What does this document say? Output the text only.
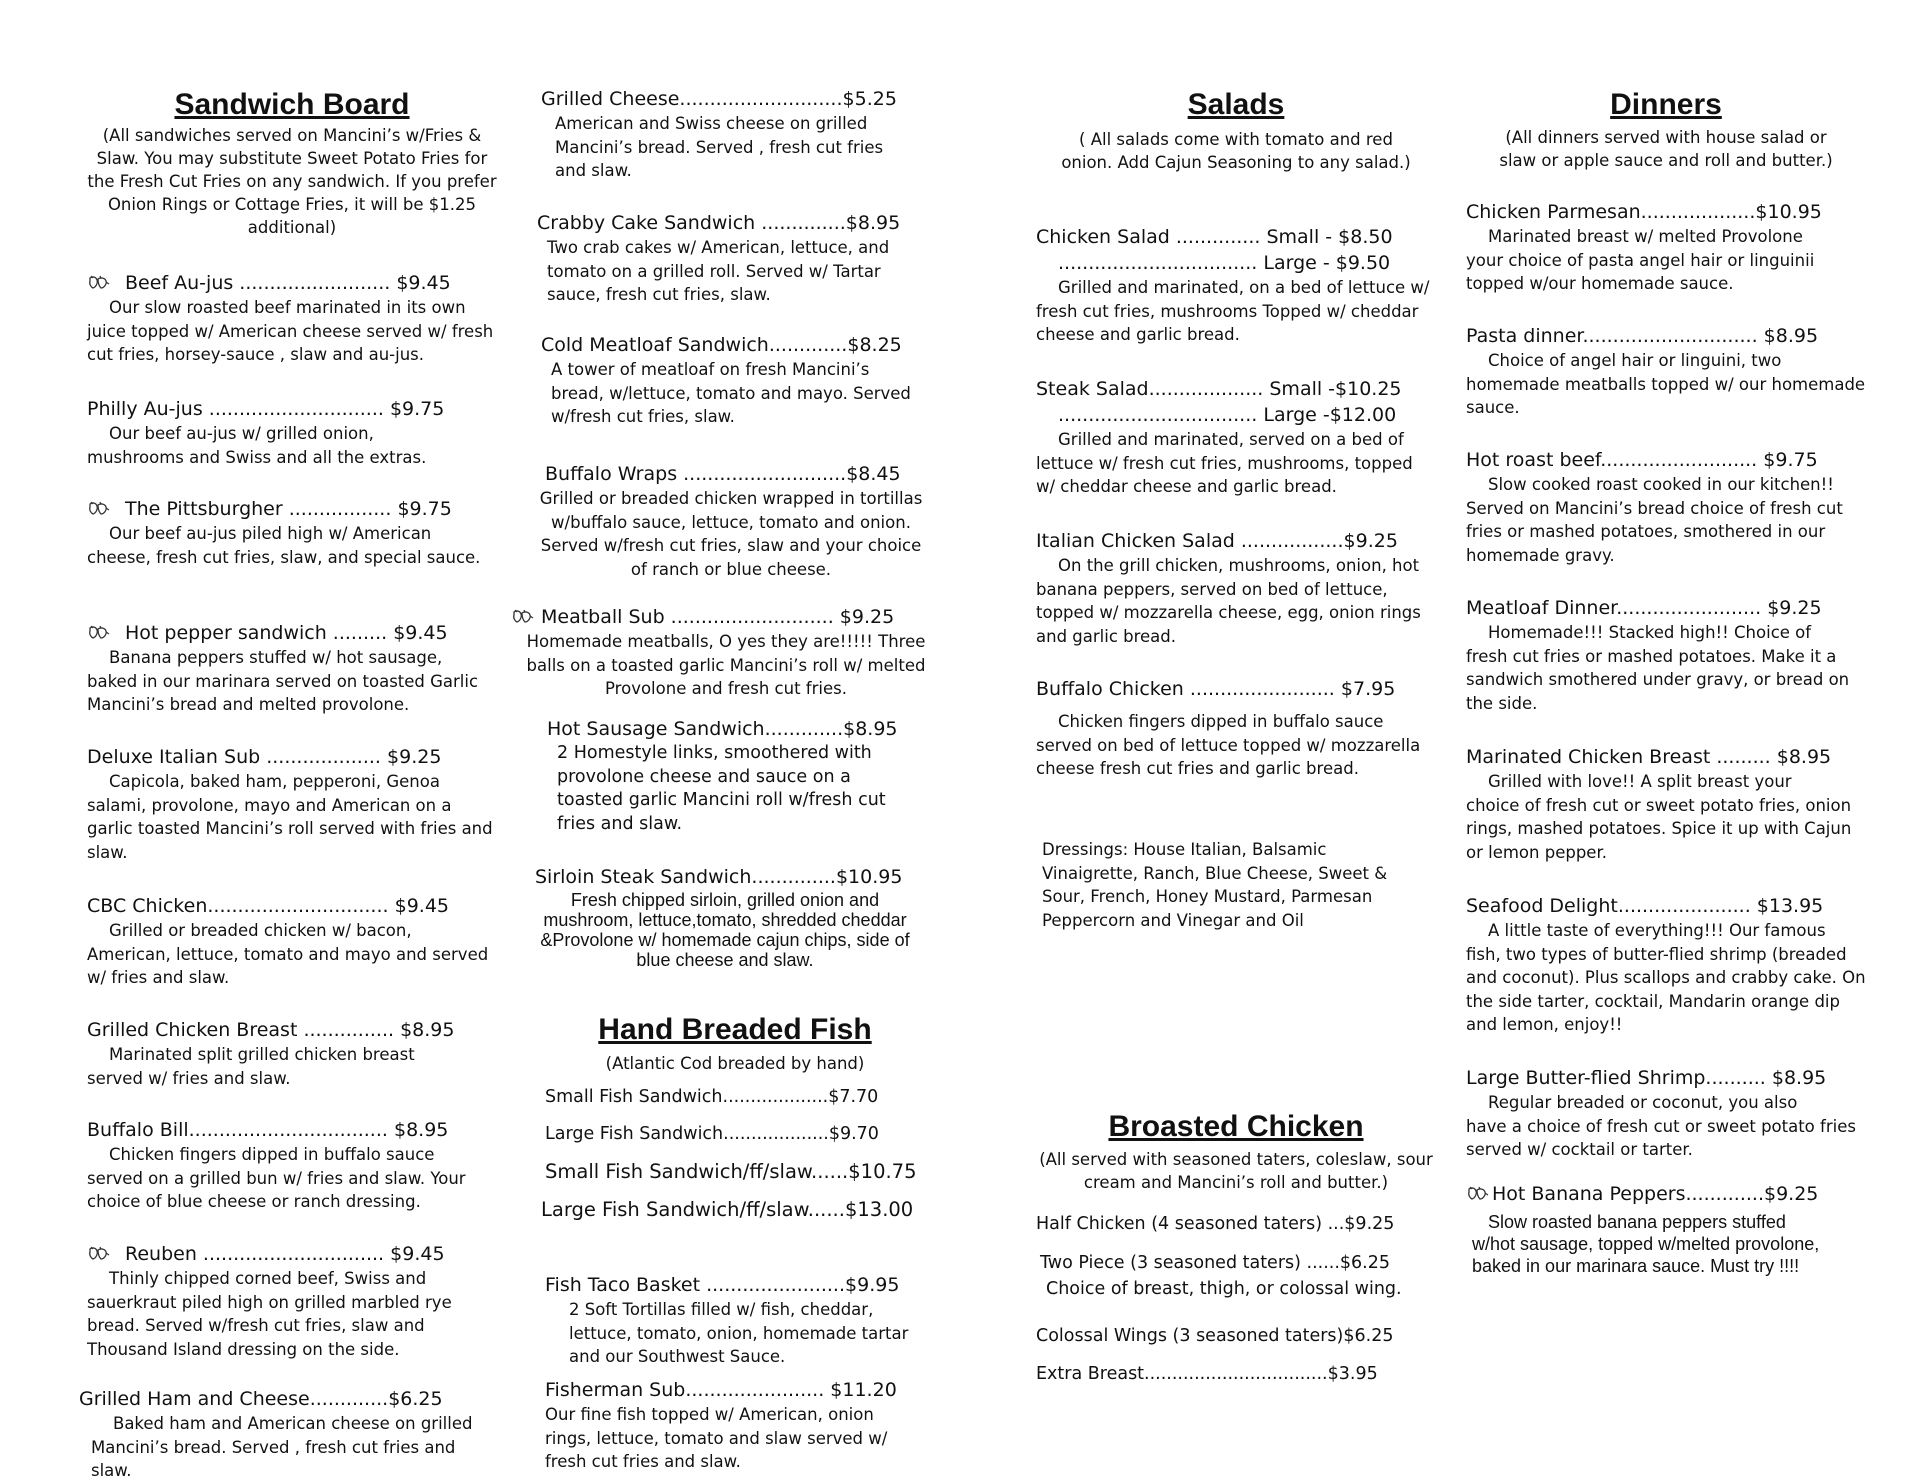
Sandwich Board
(All sandwiches served on Mancini’s w/Fries & Slaw. You may substitute Sweet Potato Fries for the Fresh Cut Fries on any sandwich. If you prefer Onion Rings or Cottage Fries, it will be $1.25 additional)
Beef Au-jus ......................... $9.45
Our slow roasted beef marinated in its own
juice topped w/ American cheese served w/ fresh cut fries, horsey-sauce , slaw and au-jus.
Philly Au-jus ............................. $9.75
Our beef au-jus w/ grilled onion,
mushrooms and Swiss and all the extras.
The Pittsburgher ................. $9.75
Our beef au-jus piled high w/ American
cheese, fresh cut fries, slaw, and special sauce.
Hot pepper sandwich ......... $9.45
Banana peppers stuffed w/ hot sausage,
baked in our marinara served on toasted Garlic Mancini’s bread and melted provolone.
Deluxe Italian Sub ................... $9.25
Capicola, baked ham, pepperoni, Genoa
salami, provolone, mayo and American on a garlic toasted Mancini’s roll served with fries and slaw.
CBC Chicken.............................. $9.45
Grilled or breaded chicken w/ bacon,
American, lettuce, tomato and mayo and served w/ fries and slaw.
Grilled Chicken Breast ............... $8.95
Marinated split grilled chicken breast
served w/ fries and slaw.
Buffalo Bill................................. $8.95
Chicken fingers dipped in buffalo sauce
served on a grilled bun w/ fries and slaw. Your choice of blue cheese or ranch dressing.
Reuben .............................. $9.45
Thinly chipped corned beef, Swiss and
sauerkraut piled high on grilled marbled rye bread. Served w/fresh cut fries, slaw and Thousand Island dressing on the side.
Grilled Ham and Cheese.............$6.25
Baked ham and American cheese on grilled
Mancini’s bread. Served , fresh cut fries and slaw.
Grilled Cheese...........................$5.25
American and Swiss cheese on grilled Mancini’s bread. Served , fresh cut fries and slaw.
Crabby Cake Sandwich ..............$8.95
Two crab cakes w/ American, lettuce, and tomato on a grilled roll. Served w/ Tartar sauce, fresh cut fries, slaw.
Cold Meatloaf Sandwich.............$8.25
A tower of meatloaf on fresh Mancini’s bread, w/lettuce, tomato and mayo. Served w/fresh cut fries, slaw.
Buffalo Wraps ...........................$8.45
Grilled or breaded chicken wrapped in tortillas w/buffalo sauce, lettuce, tomato and onion. Served w/fresh cut fries, slaw and your choice of ranch or blue cheese.
Meatball Sub ........................... $9.25
Homemade meatballs, O yes they are!!!!! Three balls on a toasted garlic Mancini’s roll w/ melted Provolone and fresh cut fries.
Hot Sausage Sandwich.............$8.95
2 Homestyle links, smoothered with provolone cheese and sauce on a toasted garlic Mancini roll w/fresh cut fries and slaw.
Sirloin Steak Sandwich..............$10.95
Fresh chipped sirloin, grilled onion and mushroom, lettuce,tomato, shredded cheddar &Provolone w/ homemade cajun chips, side of blue cheese and slaw.
Hand Breaded Fish
(Atlantic Cod breaded by hand)
Small Fish Sandwich...................$7.70
Large Fish Sandwich...................$9.70
Small Fish Sandwich/ff/slaw......$10.75
Large Fish Sandwich/ff/slaw......$13.00
Fish Taco Basket .......................$9.95
2 Soft Tortillas filled w/ fish, cheddar, lettuce, tomato, onion, homemade tartar and our Southwest Sauce.
Fisherman Sub....................... $11.20
Our fine fish topped w/ American, onion rings, lettuce, tomato and slaw served w/ fresh cut fries and slaw.
Salads
( All salads come with tomato and red onion. Add Cajun Seasoning to any salad.)
Chicken Salad .............. Small - $8.50
................................. Large - $9.50
Grilled and marinated, on a bed of lettuce w/ fresh cut fries, mushrooms Topped w/ cheddar cheese and garlic bread.
Steak Salad................... Small -$10.25
................................. Large -$12.00
Grilled and marinated, served on a bed of lettuce w/ fresh cut fries, mushrooms, topped w/ cheddar cheese and garlic bread.
Italian Chicken Salad .................$9.25
On the grill chicken, mushrooms, onion, hot banana peppers, served on bed of lettuce, topped w/ mozzarella cheese, egg, onion rings and garlic bread.
Buffalo Chicken ........................ $7.95
Chicken fingers dipped in buffalo sauce served on bed of lettuce topped w/ mozzarella cheese fresh cut fries and garlic bread.
Dressings: House Italian, Balsamic Vinaigrette, Ranch, Blue Cheese, Sweet & Sour, French, Honey Mustard, Parmesan Peppercorn and Vinegar and Oil
Broasted Chicken
(All served with seasoned taters, coleslaw, sour cream and Mancini’s roll and butter.)
Half Chicken (4 seasoned taters) ...$9.25
Two Piece (3 seasoned taters) ......$6.25
Choice of breast, thigh, or colossal wing.
Colossal Wings (3 seasoned taters)$6.25
Extra Breast.................................$3.95
Dinners
(All dinners served with house salad or slaw or apple sauce and roll and butter.)
Chicken Parmesan...................$10.95
Marinated breast w/ melted Provolone
your choice of pasta angel hair or linguinii topped w/our homemade sauce.
Pasta dinner............................. $8.95
Choice of angel hair or linguini, two
homemade meatballs topped w/ our homemade sauce.
Hot roast beef.......................... $9.75
Slow cooked roast cooked in our kitchen!!
Served on Mancini’s bread choice of fresh cut fries or mashed potatoes, smothered in our homemade gravy.
Meatloaf Dinner........................ $9.25
Homemade!!! Stacked high!! Choice of
fresh cut fries or mashed potatoes. Make it a sandwich smothered under gravy, or bread on the side.
Marinated Chicken Breast ......... $8.95
Grilled with love!! A split breast your
choice of fresh cut or sweet potato fries, onion rings, mashed potatoes. Spice it up with Cajun or lemon pepper.
Seafood Delight...................... $13.95
A little taste of everything!!! Our famous
fish, two types of butter-flied shrimp (breaded and coconut). Plus scallops and crabby cake. On the side tarter, cocktail, Mandarin orange dip and lemon, enjoy!!
Large Butter-flied Shrimp.......... $8.95
Regular breaded or coconut, you also
have a choice of fresh cut or sweet potato fries served w/ cocktail or tarter.
Hot Banana Peppers.............$9.25
Slow roasted banana peppers stuffed w/hot sausage, topped w/melted provolone, baked in our marinara sauce. Must try !!!!
